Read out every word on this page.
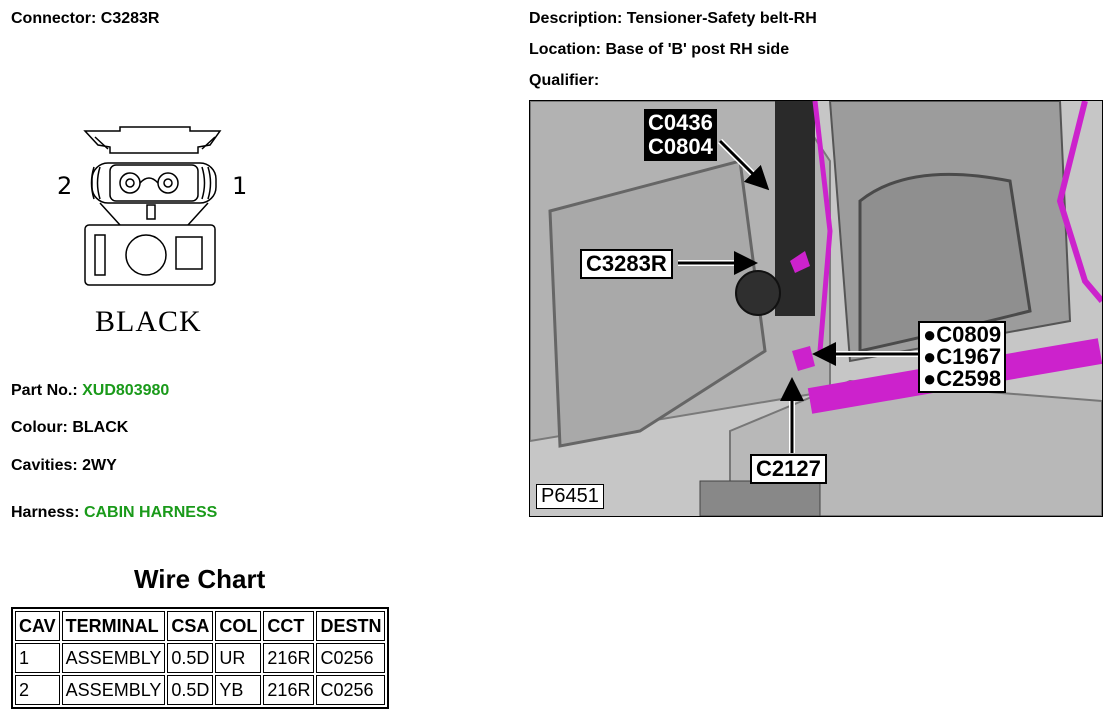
Connector: C3283R	Description: Tensioner-Safety belt-RH
Location: Base of 'B' post RH side
Qualifier:
2	1
BLACK
Part No.: XUD803980
Colour: BLACK
Cavities: 2WY
Harness: CABIN HARNESS
Wire Chart
CAV	TERMINAL	CSA	COL	CCT	DESTN
1	ASSEMBLY	0.5D	UR	216R	C0256
2	ASSEMBLY	0.5D	YB	216R	C0256
C0436
C0804
C3283R
●C0809
●C1967
●C2598
C2127
P6451
